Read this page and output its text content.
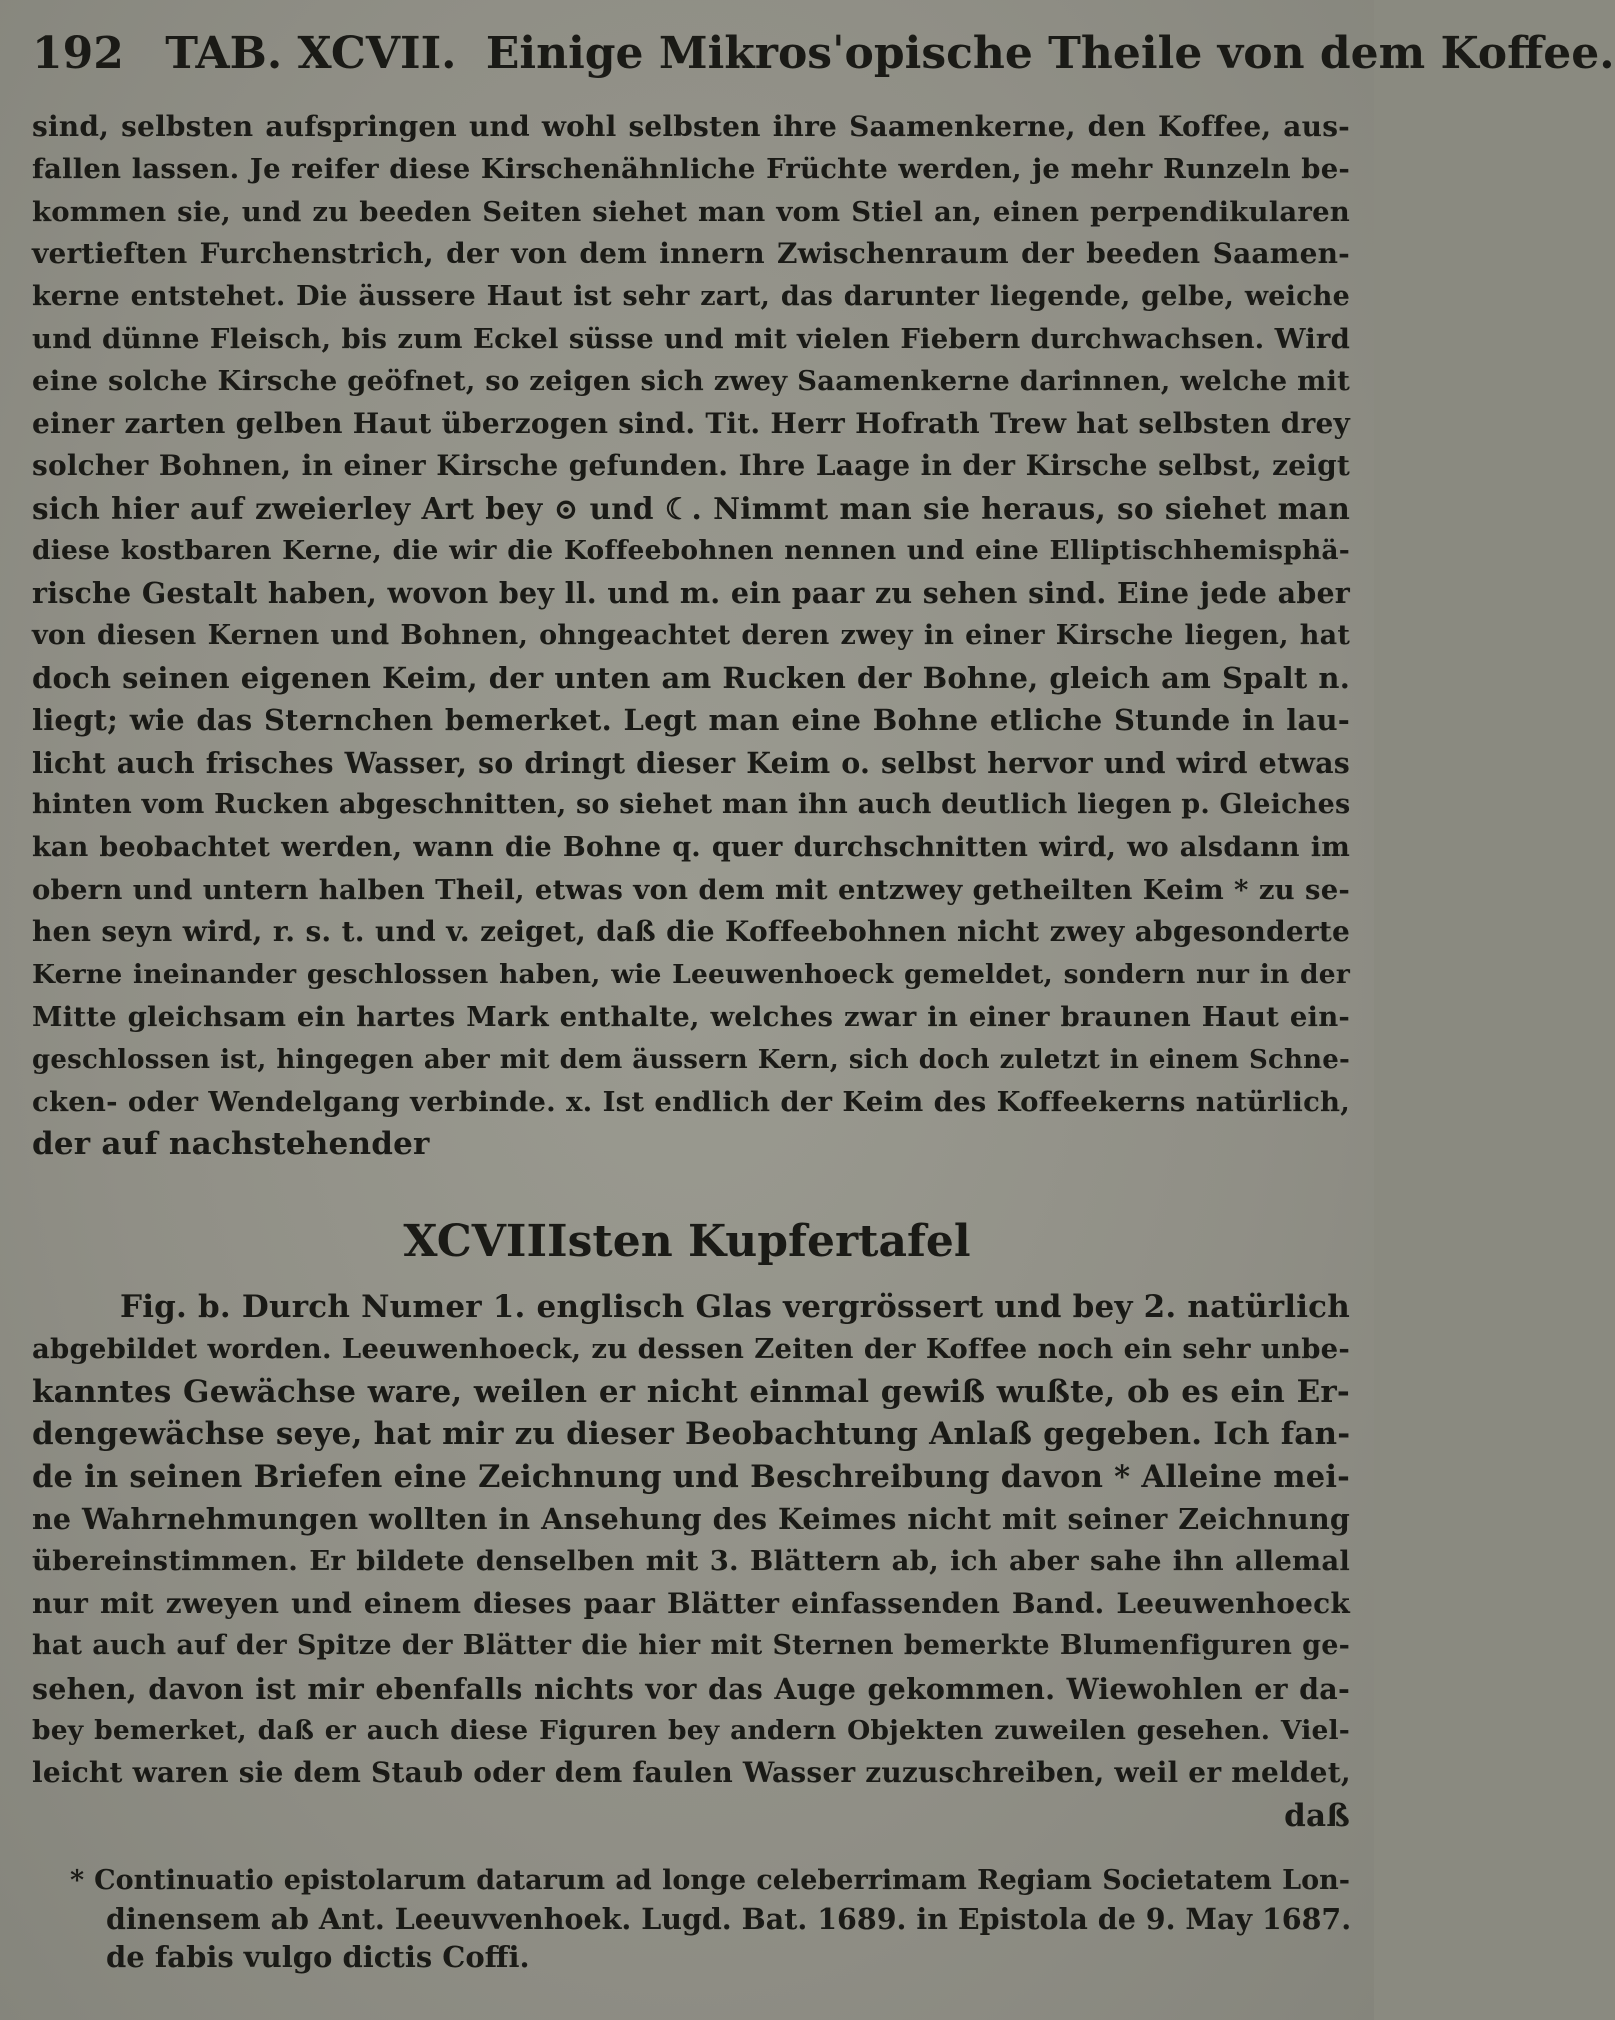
192 TAB. XCVII. Einige Mikrosˈopische Theile von dem Koffee.
sind, selbsten aufspringen und wohl selbsten ihre Saamenkerne, den Koffee, aus-
fallen lassen. Je reifer diese Kirschenähnliche Früchte werden, je mehr Runzeln be-
kommen sie, und zu beeden Seiten siehet man vom Stiel an, einen perpendikularen
vertieften Furchenstrich, der von dem innern Zwischenraum der beeden Saamen-
kerne entstehet. Die äussere Haut ist sehr zart, das darunter liegende, gelbe, weiche
und dünne Fleisch, bis zum Eckel süsse und mit vielen Fiebern durchwachsen. Wird
eine solche Kirsche geöfnet, so zeigen sich zwey Saamenkerne darinnen, welche mit
einer zarten gelben Haut überzogen sind. Tit. Herr Hofrath Trew hat selbsten drey
solcher Bohnen, in einer Kirsche gefunden. Ihre Laage in der Kirsche selbst, zeigt
sich hier auf zweierley Art bey ⊙ und ☾. Nimmt man sie heraus, so siehet man
diese kostbaren Kerne, die wir die Koffeebohnen nennen und eine Elliptischhemisphä-
rische Gestalt haben, wovon bey ll. und m. ein paar zu sehen sind. Eine jede aber
von diesen Kernen und Bohnen, ohngeachtet deren zwey in einer Kirsche liegen, hat
doch seinen eigenen Keim, der unten am Rucken der Bohne, gleich am Spalt n.
liegt; wie das Sternchen bemerket. Legt man eine Bohne etliche Stunde in lau-
licht auch frisches Wasser, so dringt dieser Keim o. selbst hervor und wird etwas
hinten vom Rucken abgeschnitten, so siehet man ihn auch deutlich liegen p. Gleiches
kan beobachtet werden, wann die Bohne q. quer durchschnitten wird, wo alsdann im
obern und untern halben Theil, etwas von dem mit entzwey getheilten Keim * zu se-
hen seyn wird, r. s. t. und v. zeiget, daß die Koffeebohnen nicht zwey abgesonderte
Kerne ineinander geschlossen haben, wie Leeuwenhoeck gemeldet, sondern nur in der
Mitte gleichsam ein hartes Mark enthalte, welches zwar in einer braunen Haut ein-
geschlossen ist, hingegen aber mit dem äussern Kern, sich doch zuletzt in einem Schne-
cken- oder Wendelgang verbinde. x. Ist endlich der Keim des Koffeekerns natürlich,
der auf nachstehender
XCVIIIsten Kupfertafel
Fig. b. Durch Numer 1. englisch Glas vergrössert und bey 2. natürlich
abgebildet worden. Leeuwenhoeck, zu dessen Zeiten der Koffee noch ein sehr unbe-
kanntes Gewächse ware, weilen er nicht einmal gewiß wußte, ob es ein Er-
dengewächse seye, hat mir zu dieser Beobachtung Anlaß gegeben. Ich fan-
de in seinen Briefen eine Zeichnung und Beschreibung davon * Alleine mei-
ne Wahrnehmungen wollten in Ansehung des Keimes nicht mit seiner Zeichnung
übereinstimmen. Er bildete denselben mit 3. Blättern ab, ich aber sahe ihn allemal
nur mit zweyen und einem dieses paar Blätter einfassenden Band. Leeuwenhoeck
hat auch auf der Spitze der Blätter die hier mit Sternen bemerkte Blumenfiguren ge-
sehen, davon ist mir ebenfalls nichts vor das Auge gekommen. Wiewohlen er da-
bey bemerket, daß er auch diese Figuren bey andern Objekten zuweilen gesehen. Viel-
leicht waren sie dem Staub oder dem faulen Wasser zuzuschreiben, weil er meldet,
daß
* Continuatio epistolarum datarum ad longe celeberrimam Regiam Societatem Lon-
dinensem ab Ant. Leeuvvenhoek. Lugd. Bat. 1689. in Epistola de 9. May 1687.
de fabis vulgo dictis Coffi.
